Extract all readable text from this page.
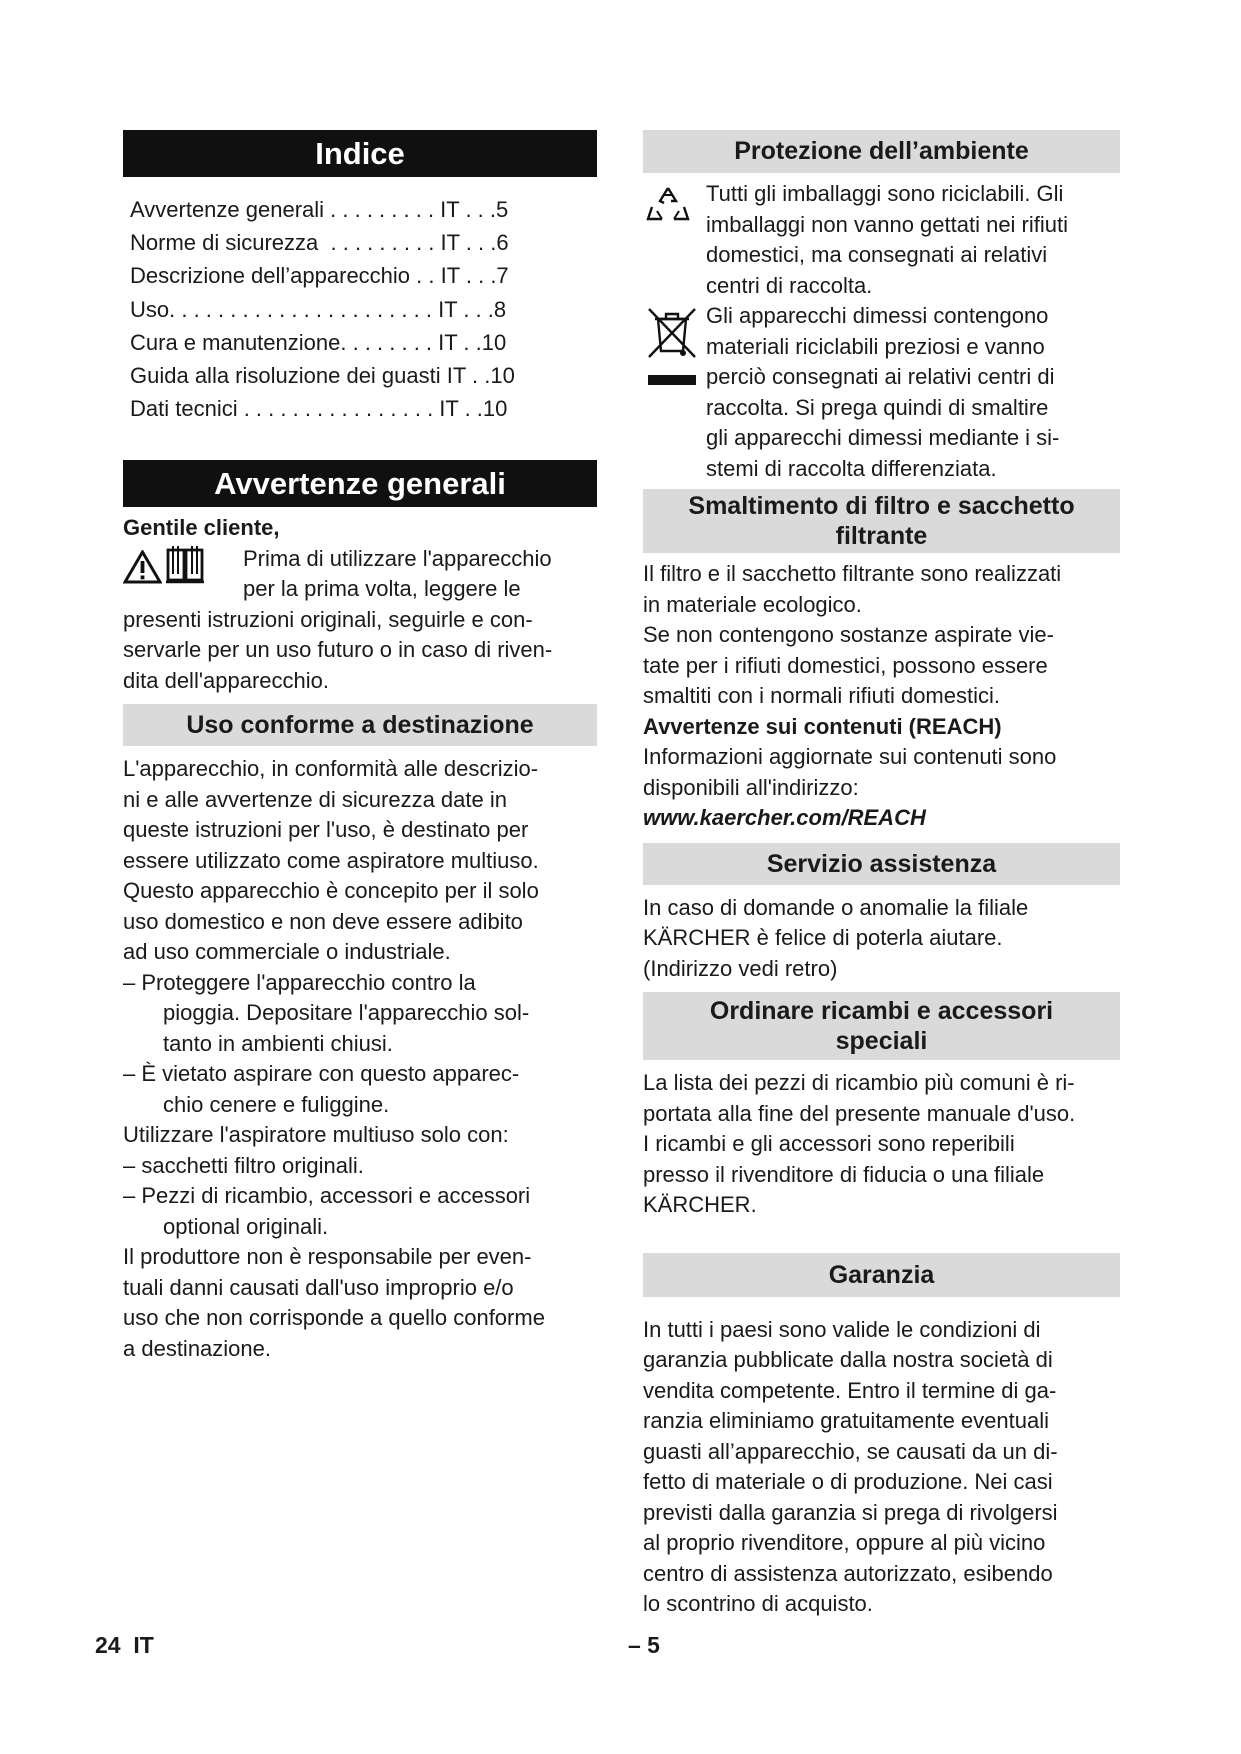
Indice
Avvertenze generali . . . . . . . . . IT . . .5
Norme di sicurezza  . . . . . . . . . IT . . .6
Descrizione dell’apparecchio . . IT . . .7
Uso. . . . . . . . . . . . . . . . . . . . . . IT . . .8
Cura e manutenzione. . . . . . . . IT . .10
Guida alla risoluzione dei guasti IT . .10
Dati tecnici . . . . . . . . . . . . . . . . IT . .10
Avvertenze generali

Gentile cliente,

Prima di utilizzare l'apparecchio

per la prima volta, leggere le

presenti istruzioni originali, seguirle e con-

servarle per un uso futuro o in caso di riven-

dita dell'apparecchio.

Uso conforme a destinazione

L'apparecchio, in conformità alle descrizio-

ni e alle avvertenze di sicurezza date in

queste istruzioni per l'uso, è destinato per

essere utilizzato come aspiratore multiuso.

Questo apparecchio è concepito per il solo

uso domestico e non deve essere adibito

ad uso commerciale o industriale.

– Proteggere l'apparecchio contro la

pioggia. Depositare l'apparecchio sol-

tanto in ambienti chiusi.

– È vietato aspirare con questo apparec-

chio cenere e fuliggine.

Utilizzare l'aspiratore multiuso solo con:

– sacchetti filtro originali.

– Pezzi di ricambio, accessori e accessori

optional originali.

Il produttore non è responsabile per even-

tuali danni causati dall'uso improprio e/o

uso che non corrisponde a quello conforme

a destinazione.

Protezione dell’ambiente

Tutti gli imballaggi sono riciclabili. Gli

imballaggi non vanno gettati nei rifiuti

domestici, ma consegnati ai relativi

centri di raccolta.

Gli apparecchi dimessi contengono

materiali riciclabili preziosi e vanno

perciò consegnati ai relativi centri di

raccolta. Si prega quindi di smaltire

gli apparecchi dimessi mediante i si-

stemi di raccolta differenziata.

Smaltimento di filtro e sacchetto
filtrante

Il filtro e il sacchetto filtrante sono realizzati

in materiale ecologico.

Se non contengono sostanze aspirate vie-

tate per i rifiuti domestici, possono essere

smaltiti con i normali rifiuti domestici.

Avvertenze sui contenuti (REACH)

Informazioni aggiornate sui contenuti sono

disponibili all'indirizzo:

www.kaercher.com/REACH

Servizio assistenza

In caso di domande o anomalie la filiale

KÄRCHER è felice di poterla aiutare.

(Indirizzo vedi retro)

Ordinare ricambi e accessori
speciali

La lista dei pezzi di ricambio più comuni è ri-

portata alla fine del presente manuale d'uso.

I ricambi e gli accessori sono reperibili

presso il rivenditore di fiducia o una filiale

KÄRCHER.

Garanzia

In tutti i paesi sono valide le condizioni di

garanzia pubblicate dalla nostra società di

vendita competente. Entro il termine di ga-

ranzia eliminiamo gratuitamente eventuali

guasti all’apparecchio, se causati da un di-

fetto di materiale o di produzione. Nei casi

previsti dalla garanzia si prega di rivolgersi

al proprio rivenditore, oppure al più vicino

centro di assistenza autorizzato, esibendo

lo scontrino di acquisto.

24  IT	– 5
